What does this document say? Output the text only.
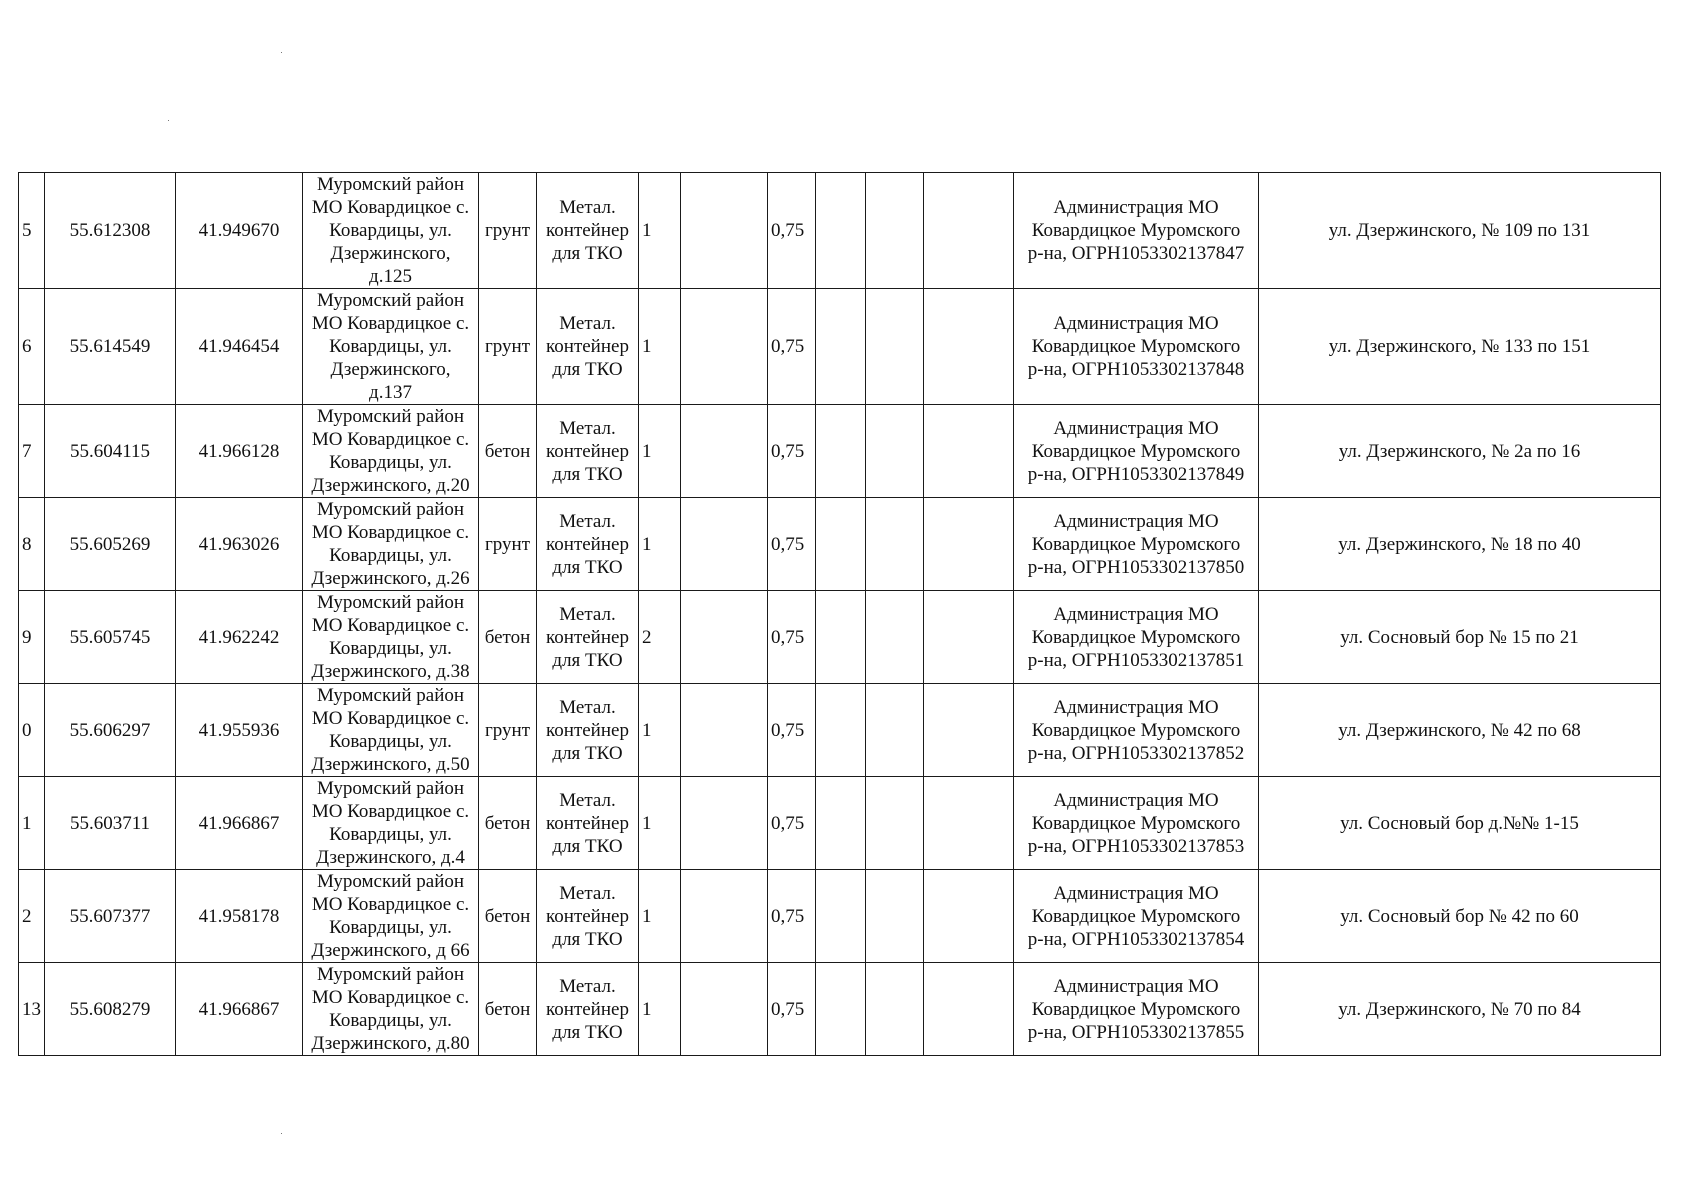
5	55.612308	41.949670	Муромский район
МО Ковардицкое с.
Ковардицы, ул.
Дзержинского,
д.125	грунт	Метал.
контейнер
для ТКО	1		0,75				Администрация МО
Ковардицкое Муромского
р-на, ОГРН1053302137847	ул. Дзержинского, № 109 по 131
6	55.614549	41.946454	Муромский район
МО Ковардицкое с.
Ковардицы, ул.
Дзержинского,
д.137	грунт	Метал.
контейнер
для ТКО	1		0,75				Администрация МО
Ковардицкое Муромского
р-на, ОГРН1053302137848	ул. Дзержинского, № 133 по 151
7	55.604115	41.966128	Муромский район
МО Ковардицкое с.
Ковардицы, ул.
Дзержинского, д.20	бетон	Метал.
контейнер
для ТКО	1		0,75				Администрация МО
Ковардицкое Муромского
р-на, ОГРН1053302137849	ул. Дзержинского, № 2а по 16
8	55.605269	41.963026	Муромский район
МО Ковардицкое с.
Ковардицы, ул.
Дзержинского, д.26	грунт	Метал.
контейнер
для ТКО	1		0,75				Администрация МО
Ковардицкое Муромского
р-на, ОГРН1053302137850	ул. Дзержинского, № 18 по 40
9	55.605745	41.962242	Муромский район
МО Ковардицкое с.
Ковардицы, ул.
Дзержинского, д.38	бетон	Метал.
контейнер
для ТКО	2		0,75				Администрация МО
Ковардицкое Муромского
р-на, ОГРН1053302137851	ул. Сосновый бор № 15 по 21
0	55.606297	41.955936	Муромский район
МО Ковардицкое с.
Ковардицы, ул.
Дзержинского, д.50	грунт	Метал.
контейнер
для ТКО	1		0,75				Администрация МО
Ковардицкое Муромского
р-на, ОГРН1053302137852	ул. Дзержинского, № 42 по 68
1	55.603711	41.966867	Муромский район
МО Ковардицкое с.
Ковардицы, ул.
Дзержинского, д.4	бетон	Метал.
контейнер
для ТКО	1		0,75				Администрация МО
Ковардицкое Муромского
р-на, ОГРН1053302137853	ул. Сосновый бор д.№№ 1-15
2	55.607377	41.958178	Муромский район
МО Ковардицкое с.
Ковардицы, ул.
Дзержинского, д 66	бетон	Метал.
контейнер
для ТКО	1		0,75				Администрация МО
Ковардицкое Муромского
р-на, ОГРН1053302137854	ул. Сосновый бор № 42 по 60
13	55.608279	41.966867	Муромский район
МО Ковардицкое с.
Ковардицы, ул.
Дзержинского, д.80	бетон	Метал.
контейнер
для ТКО	1		0,75				Администрация МО
Ковардицкое Муромского
р-на, ОГРН1053302137855	ул. Дзержинского, № 70 по 84
